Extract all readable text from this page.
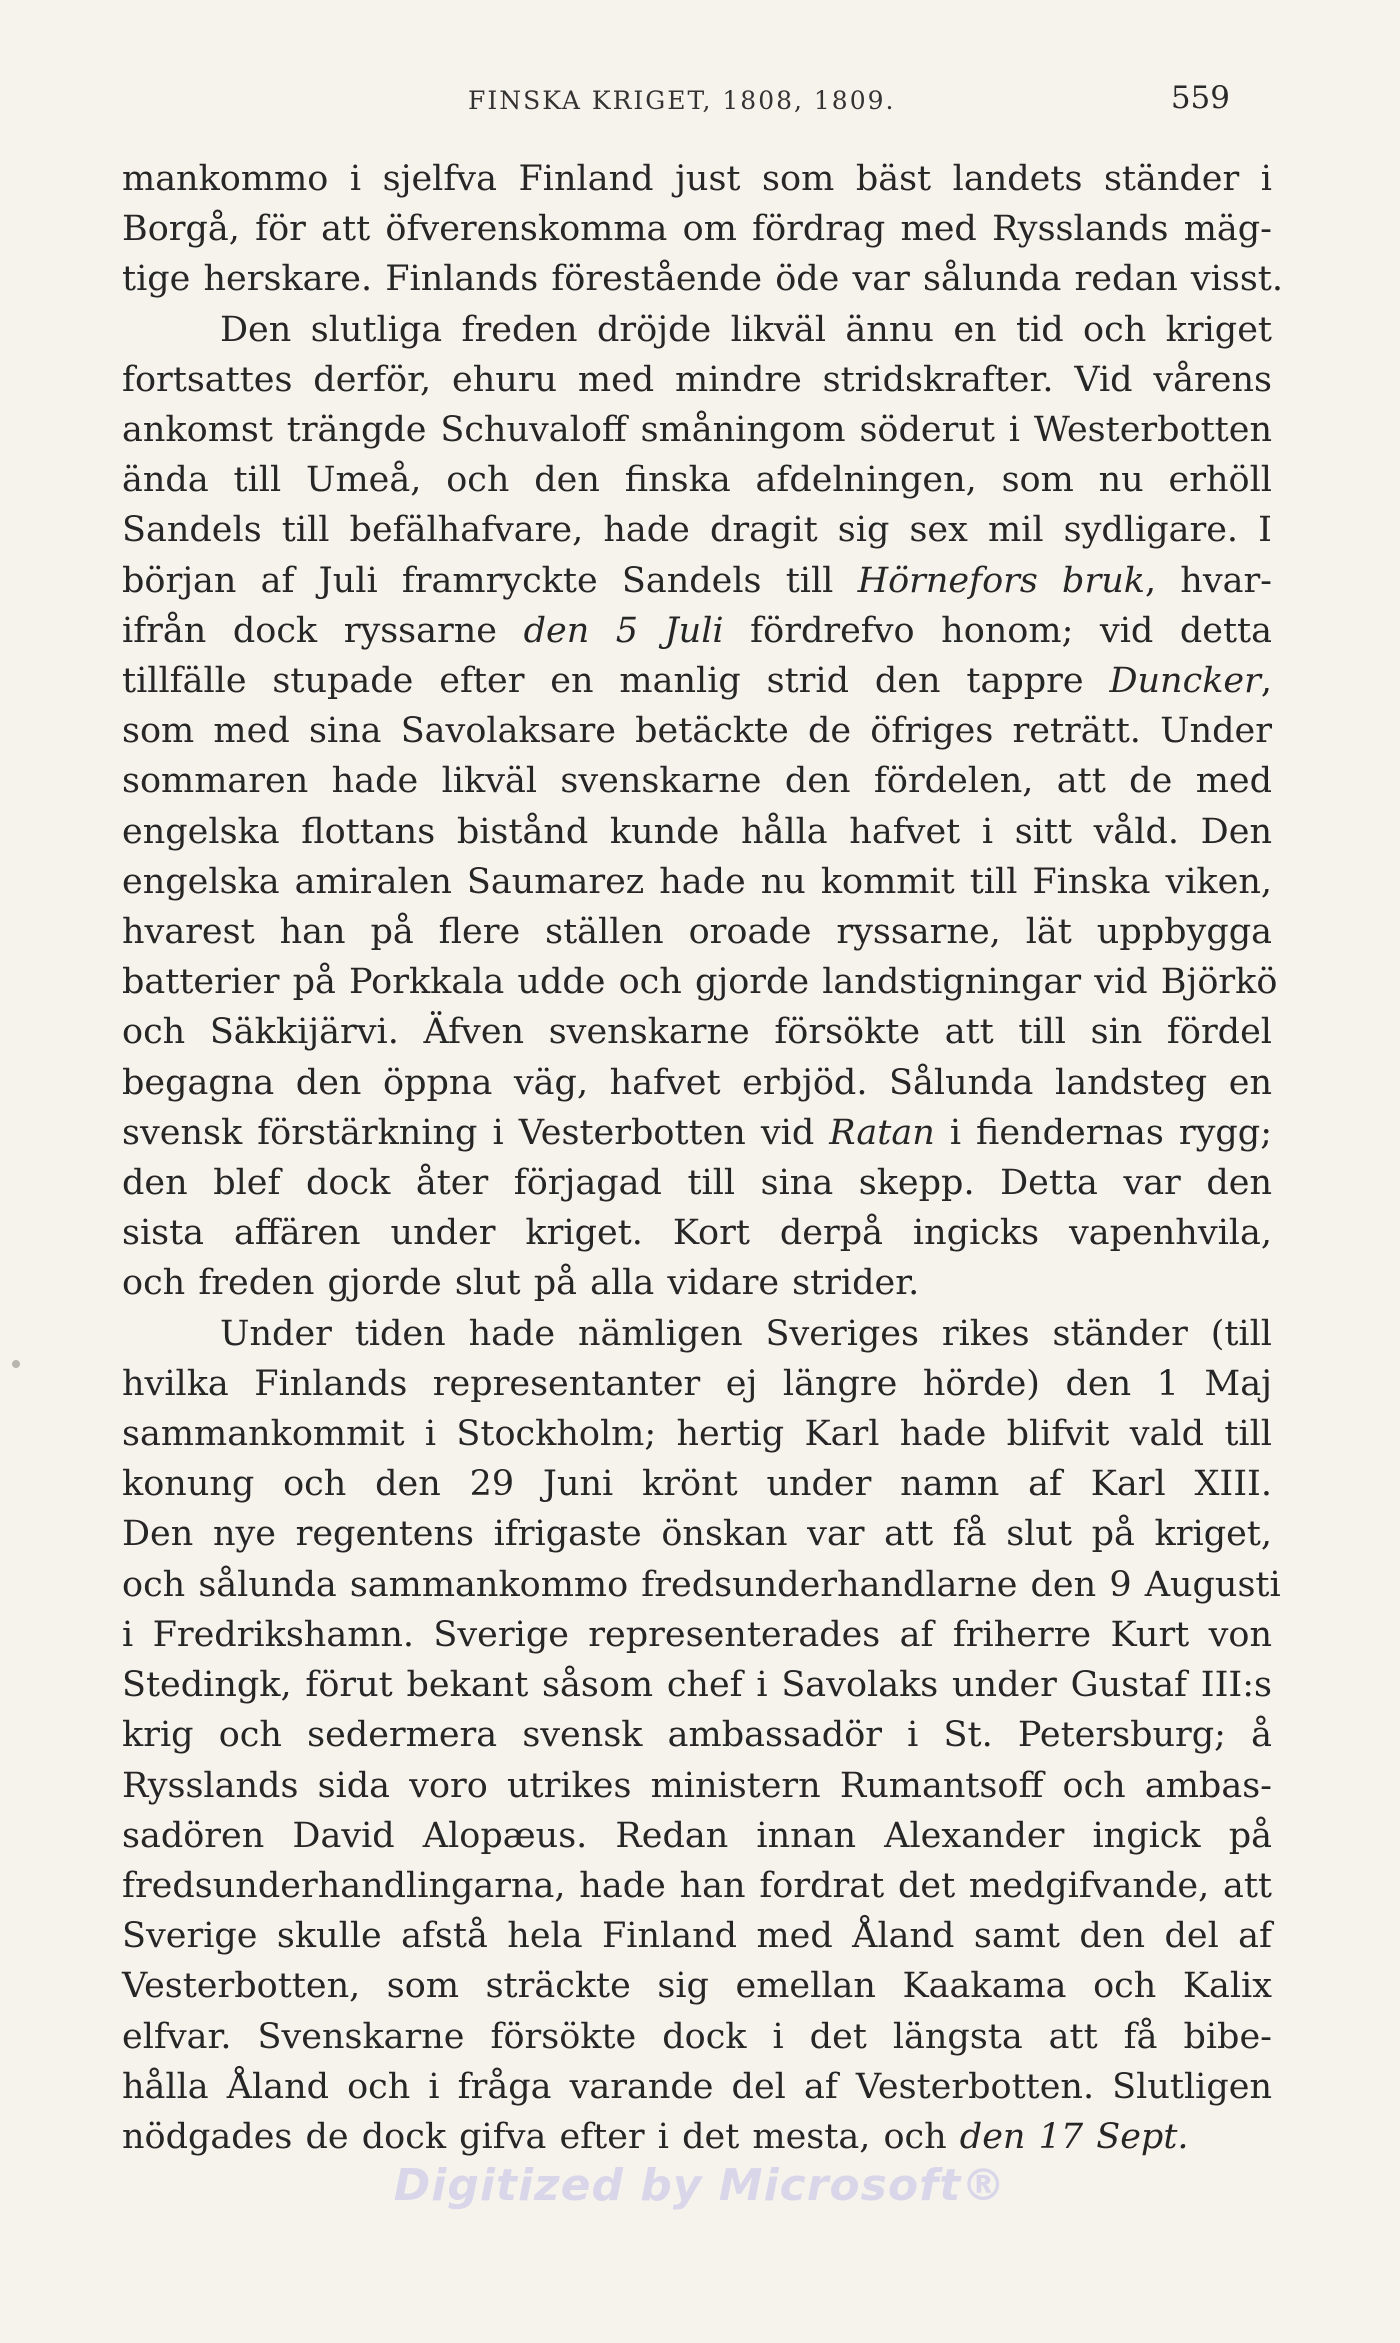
FINSKA KRIGET, 1808, 1809.	559
mankommo i sjelfva Finland just som bäst landets ständer i
Borgå, för att öfverenskomma om fördrag med Rysslands mäg-
tige herskare. Finlands förestående öde var sålunda redan visst.
Den slutliga freden dröjde likväl ännu en tid och kriget
fortsattes derför, ehuru med mindre stridskrafter. Vid vårens
ankomst trängde Schuvaloff småningom söderut i Westerbotten
ända till Umeå, och den finska afdelningen, som nu erhöll
Sandels till befälhafvare, hade dragit sig sex mil sydligare. I
början af Juli framryckte Sandels till Hörnefors bruk, hvar-
ifrån dock ryssarne den 5 Juli fördrefvo honom; vid detta
tillfälle stupade efter en manlig strid den tappre Duncker,
som med sina Savolaksare betäckte de öfriges reträtt. Under
sommaren hade likväl svenskarne den fördelen, att de med
engelska flottans bistånd kunde hålla hafvet i sitt våld. Den
engelska amiralen Saumarez hade nu kommit till Finska viken,
hvarest han på flere ställen oroade ryssarne, lät uppbygga
batterier på Porkkala udde och gjorde landstigningar vid Björkö
och Säkkijärvi. Äfven svenskarne försökte att till sin fördel
begagna den öppna väg, hafvet erbjöd. Sålunda landsteg en
svensk förstärkning i Vesterbotten vid Ratan i fiendernas rygg;
den blef dock åter förjagad till sina skepp. Detta var den
sista affären under kriget. Kort derpå ingicks vapenhvila,
och freden gjorde slut på alla vidare strider.
Under tiden hade nämligen Sveriges rikes ständer (till
hvilka Finlands representanter ej längre hörde) den 1 Maj
sammankommit i Stockholm; hertig Karl hade blifvit vald till
konung och den 29 Juni krönt under namn af Karl XIII.
Den nye regentens ifrigaste önskan var att få slut på kriget,
och sålunda sammankommo fredsunderhandlarne den 9 Augusti
i Fredrikshamn. Sverige representerades af friherre Kurt von
Stedingk, förut bekant såsom chef i Savolaks under Gustaf III:s
krig och sedermera svensk ambassadör i St. Petersburg; å
Rysslands sida voro utrikes ministern Rumantsoff och ambas-
sadören David Alopæus. Redan innan Alexander ingick på
fredsunderhandlingarna, hade han fordrat det medgifvande, att
Sverige skulle afstå hela Finland med Åland samt den del af
Vesterbotten, som sträckte sig emellan Kaakama och Kalix
elfvar. Svenskarne försökte dock i det längsta att få bibe-
hålla Åland och i fråga varande del af Vesterbotten. Slutligen
nödgades de dock gifva efter i det mesta, och den 17 Sept.
Digitized by Microsoft®
